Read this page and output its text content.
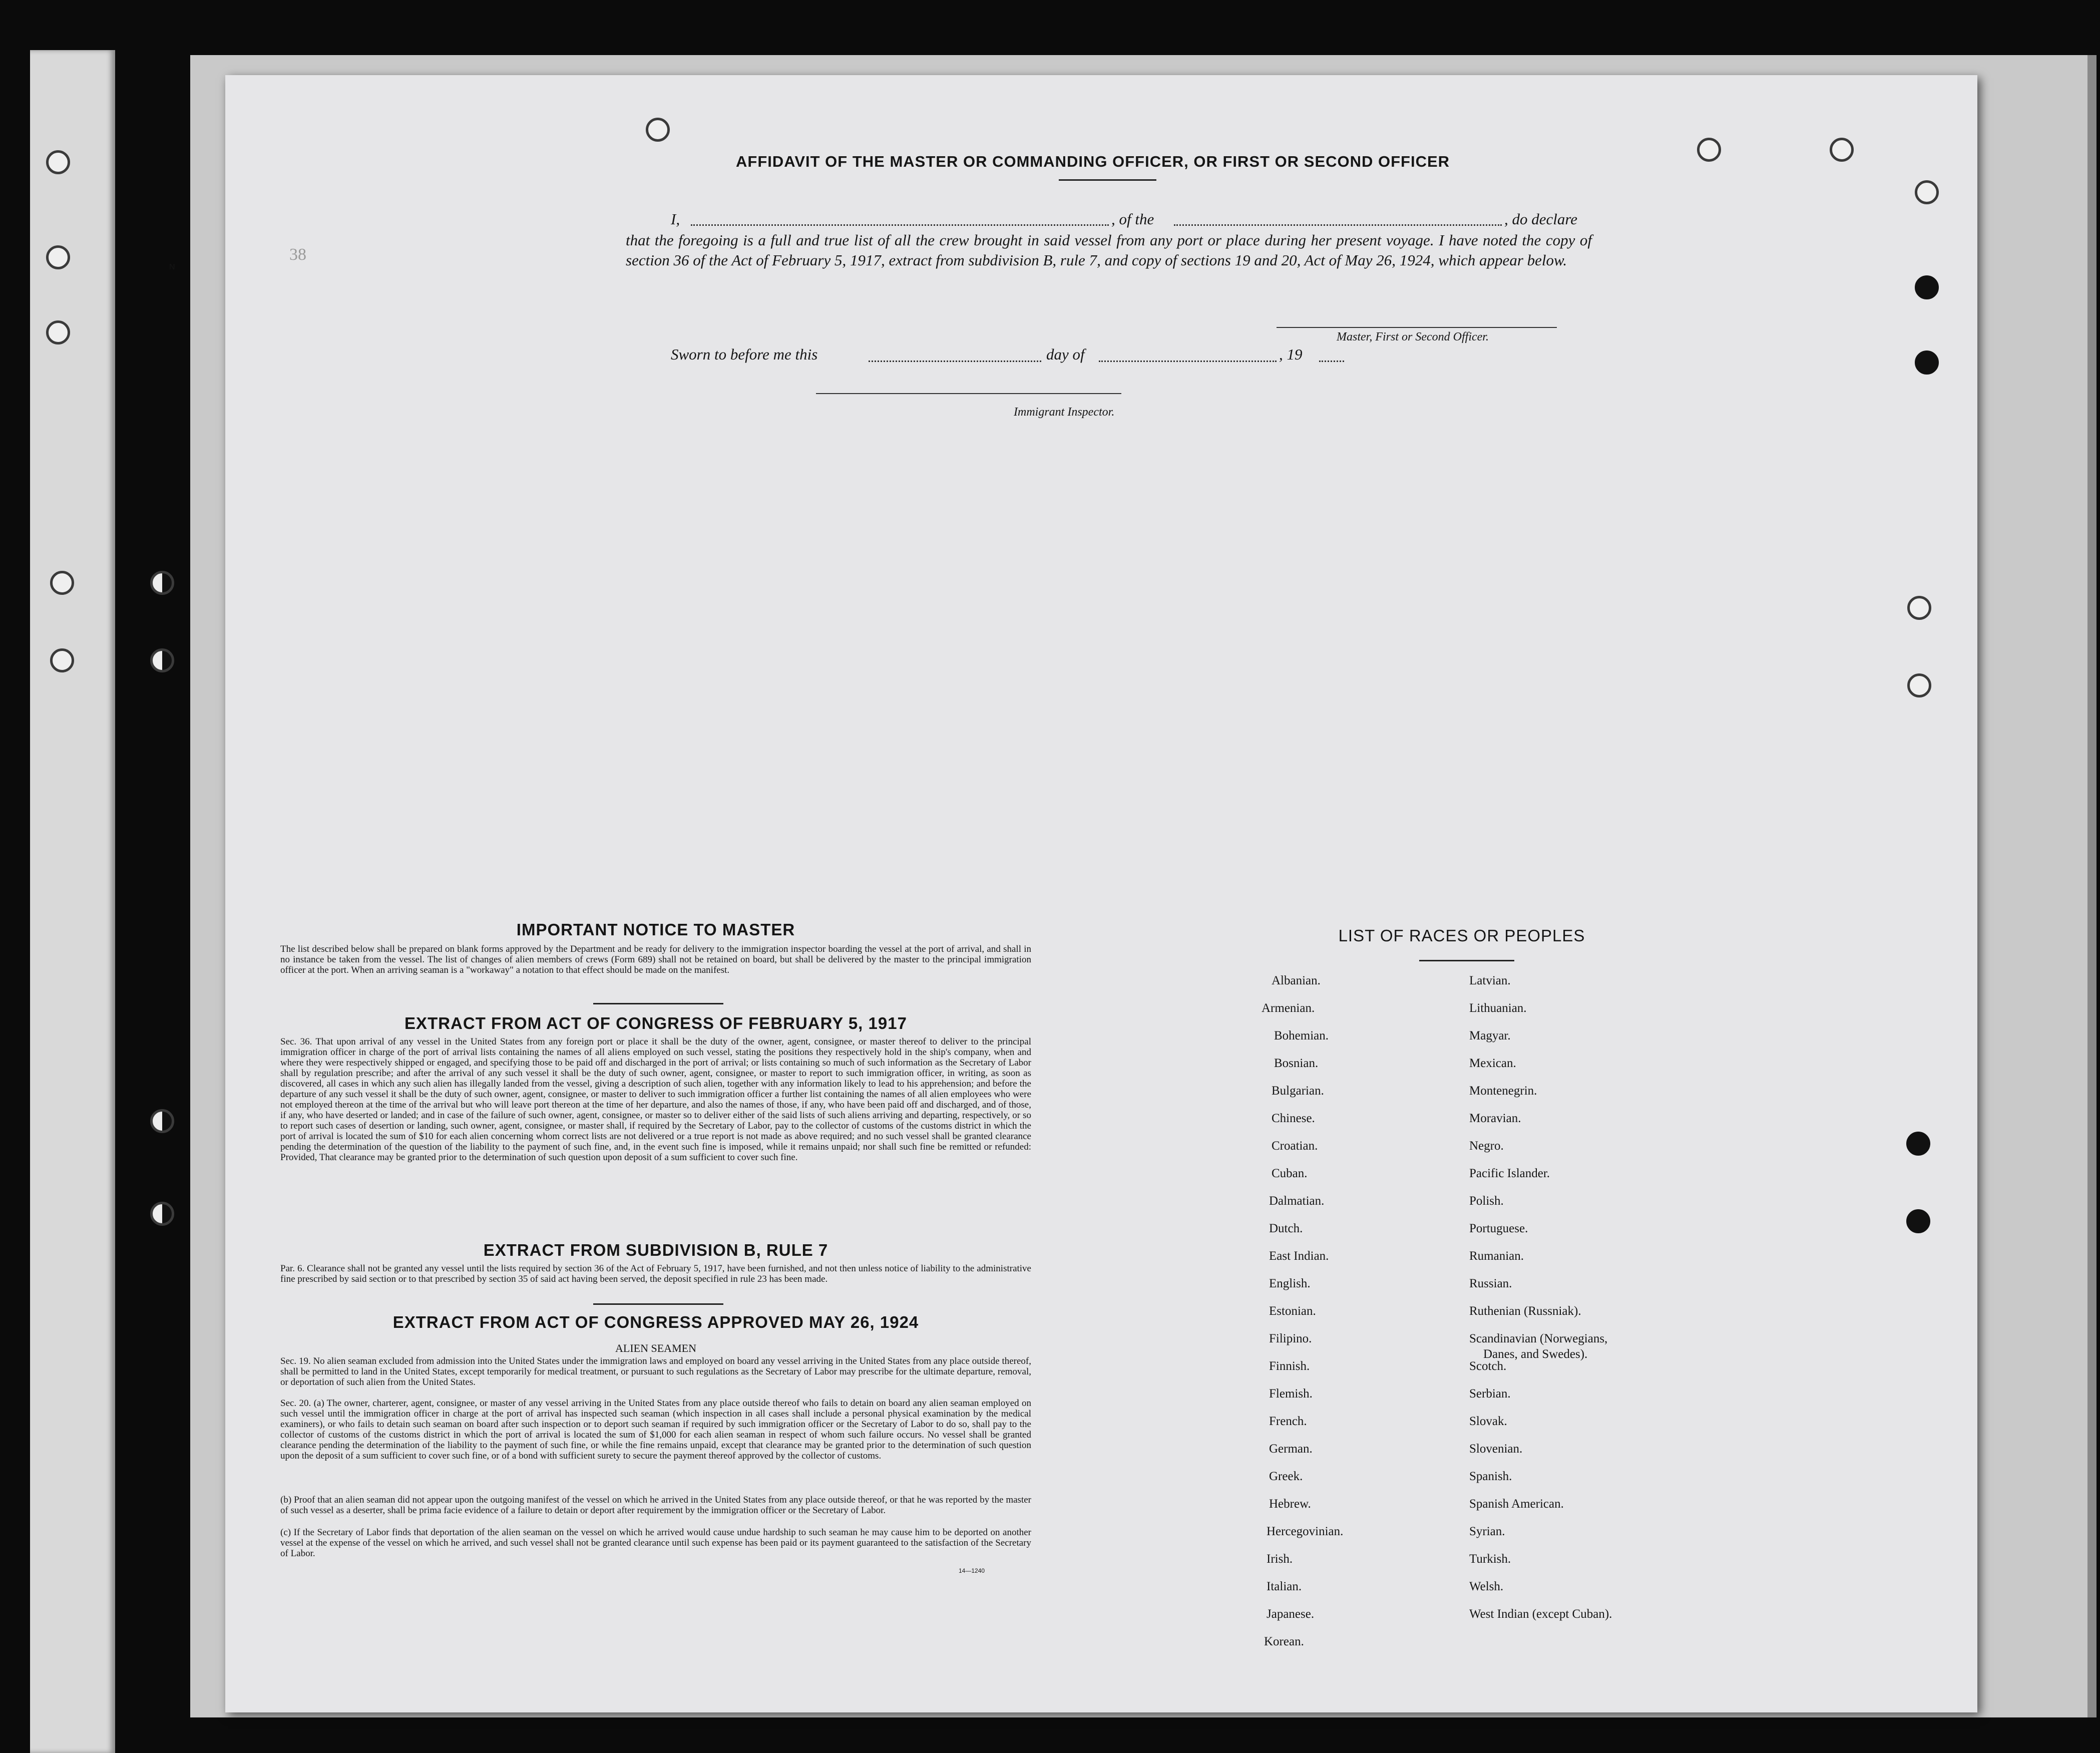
N
38
AFFIDAVIT OF THE MASTER OR COMMANDING OFFICER, OR FIRST OR SECOND OFFICER
I,	, of the	, do declare
that the foregoing is a full and true list of all the crew brought in said vessel from any port or place during her present voyage. I have noted the copy of section 36 of the Act of February 5, 1917, extract from subdivision B, rule 7, and copy of sections 19 and 20, Act of May 26, 1924, which appear below.
Master, First or Second Officer.
Sworn to before me this	day of	, 19
Immigrant Inspector.
IMPORTANT NOTICE TO MASTER
The list described below shall be prepared on blank forms approved by the Department and be ready for delivery to the immigration inspector boarding the vessel at the port of arrival, and shall in no instance be taken from the vessel. The list of changes of alien members of crews (Form 689) shall not be retained on board, but shall be delivered by the master to the principal immigration officer at the port. When an arriving seaman is a "workaway" a notation to that effect should be made on the manifest.
EXTRACT FROM ACT OF CONGRESS OF FEBRUARY 5, 1917
Sec. 36. That upon arrival of any vessel in the United States from any foreign port or place it shall be the duty of the owner, agent, consignee, or master thereof to deliver to the principal immigration officer in charge of the port of arrival lists containing the names of all aliens employed on such vessel, stating the positions they respectively hold in the ship's company, when and where they were respectively shipped or engaged, and specifying those to be paid off and discharged in the port of arrival; or lists containing so much of such information as the Secretary of Labor shall by regulation prescribe; and after the arrival of any such vessel it shall be the duty of such owner, agent, consignee, or master to report to such immigration officer, in writing, as soon as discovered, all cases in which any such alien has illegally landed from the vessel, giving a description of such alien, together with any information likely to lead to his apprehension; and before the departure of any such vessel it shall be the duty of such owner, agent, consignee, or master to deliver to such immigration officer a further list containing the names of all alien employees who were not employed thereon at the time of the arrival but who will leave port thereon at the time of her departure, and also the names of those, if any, who have been paid off and discharged, and of those, if any, who have deserted or landed; and in case of the failure of such owner, agent, consignee, or master so to deliver either of the said lists of such aliens arriving and departing, respectively, or so to report such cases of desertion or landing, such owner, agent, consignee, or master shall, if required by the Secretary of Labor, pay to the collector of customs of the customs district in which the port of arrival is located the sum of $10 for each alien concerning whom correct lists are not delivered or a true report is not made as above required; and no such vessel shall be granted clearance pending the determination of the question of the liability to the payment of such fine, and, in the event such fine is imposed, while it remains unpaid; nor shall such fine be remitted or refunded: Provided, That clearance may be granted prior to the determination of such question upon deposit of a sum sufficient to cover such fine.
EXTRACT FROM SUBDIVISION B, RULE 7
Par. 6. Clearance shall not be granted any vessel until the lists required by section 36 of the Act of February 5, 1917, have been furnished, and not then unless notice of liability to the administrative fine prescribed by said section or to that prescribed by section 35 of said act having been served, the deposit specified in rule 23 has been made.
EXTRACT FROM ACT OF CONGRESS APPROVED MAY 26, 1924
ALIEN SEAMEN
Sec. 19. No alien seaman excluded from admission into the United States under the immigration laws and employed on board any vessel arriving in the United States from any place outside thereof, shall be permitted to land in the United States, except temporarily for medical treatment, or pursuant to such regulations as the Secretary of Labor may prescribe for the ultimate departure, removal, or deportation of such alien from the United States.
Sec. 20. (a) The owner, charterer, agent, consignee, or master of any vessel arriving in the United States from any place outside thereof who fails to detain on board any alien seaman employed on such vessel until the immigration officer in charge at the port of arrival has inspected such seaman (which inspection in all cases shall include a personal physical examination by the medical examiners), or who fails to detain such seaman on board after such inspection or to deport such seaman if required by such immigration officer or the Secretary of Labor to do so, shall pay to the collector of customs of the customs district in which the port of arrival is located the sum of $1,000 for each alien seaman in respect of whom such failure occurs. No vessel shall be granted clearance pending the determination of the liability to the payment of such fine, or while the fine remains unpaid, except that clearance may be granted prior to the determination of such question upon the deposit of a sum sufficient to cover such fine, or of a bond with sufficient surety to secure the payment thereof approved by the collector of customs.
(b) Proof that an alien seaman did not appear upon the outgoing manifest of the vessel on which he arrived in the United States from any place outside thereof, or that he was reported by the master of such vessel as a deserter, shall be prima facie evidence of a failure to detain or deport after requirement by the immigration officer or the Secretary of Labor.
(c) If the Secretary of Labor finds that deportation of the alien seaman on the vessel on which he arrived would cause undue hardship to such seaman he may cause him to be deported on another vessel at the expense of the vessel on which he arrived, and such vessel shall not be granted clearance until such expense has been paid or its payment guaranteed to the satisfaction of the Secretary of Labor.
14—1240
LIST OF RACES OR PEOPLES
Albanian.
Armenian.
Bohemian.
Bosnian.
Bulgarian.
Chinese.
Croatian.
Cuban.
Dalmatian.
Dutch.
East Indian.
English.
Estonian.
Filipino.
Finnish.
Flemish.
French.
German.
Greek.
Hebrew.
Hercegovinian.
Irish.
Italian.
Japanese.
Korean.
Latvian.
Lithuanian.
Magyar.
Mexican.
Montenegrin.
Moravian.
Negro.
Pacific Islander.
Polish.
Portuguese.
Rumanian.
Russian.
Ruthenian (Russniak).
Scandinavian (Norwegians,
Danes, and Swedes).
Scotch.
Serbian.
Slovak.
Slovenian.
Spanish.
Spanish American.
Syrian.
Turkish.
Welsh.
West Indian (except Cuban).
